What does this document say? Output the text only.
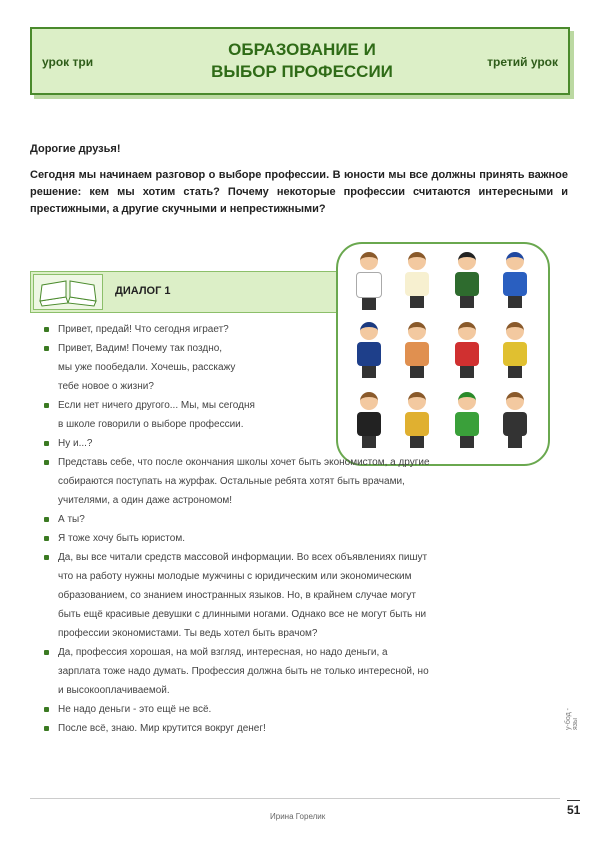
урок три
ОБРАЗОВАНИЕ И
ВЫБОР ПРОФЕССИИ	третий урок
Дорогие друзья!
Сегодня мы начинаем разговор о выборе профессии. В юности мы все должны принять важное решение: кем мы хотим стать? Почему некоторые профессии считаются интересными и престижными, а другие скучными и непрестижными?
ДИАЛОГ 1
Привет, предай! Что сегодня играет?
Привет, Вадим! Почему так поздно,
мы уже пообедали. Хочешь, расскажу
тебе новое о жизни?
Если нет ничего другого... Мы, мы сегодня
в школе говорили о выборе профессии.
Ну и...?
Представь себе, что после окончания школы хочет быть экономистом, а другие
собираются поступать на журфак. Остальные ребята хотят быть врачами,
учителями, а один даже астрономом!
А ты?
Я тоже хочу быть юристом.
Да, вы все читали средств массовой информации. Во всех объявлениях пишут
что на работу нужны молодые мужчины с юридическим или экономическим
образованием, со знанием иностранных языков. Но, в крайнем случае могут
быть ещё красивые девушки с длинными ногами. Однако все не могут быть ни
профессии экономистами. Ты ведь хотел быть врачом?
Да, профессия хорошая, на мой взгляд, интересная, но надо деньги, а
зарплата тоже надо думать. Профессия должна быть не только интересной, но
и высокооплачиваемой.
Не надо деньги - это ещё не всё.
После всё, знаю. Мир крутится вокруг денег!	у-бод - язы
51
Ирина Горелик
